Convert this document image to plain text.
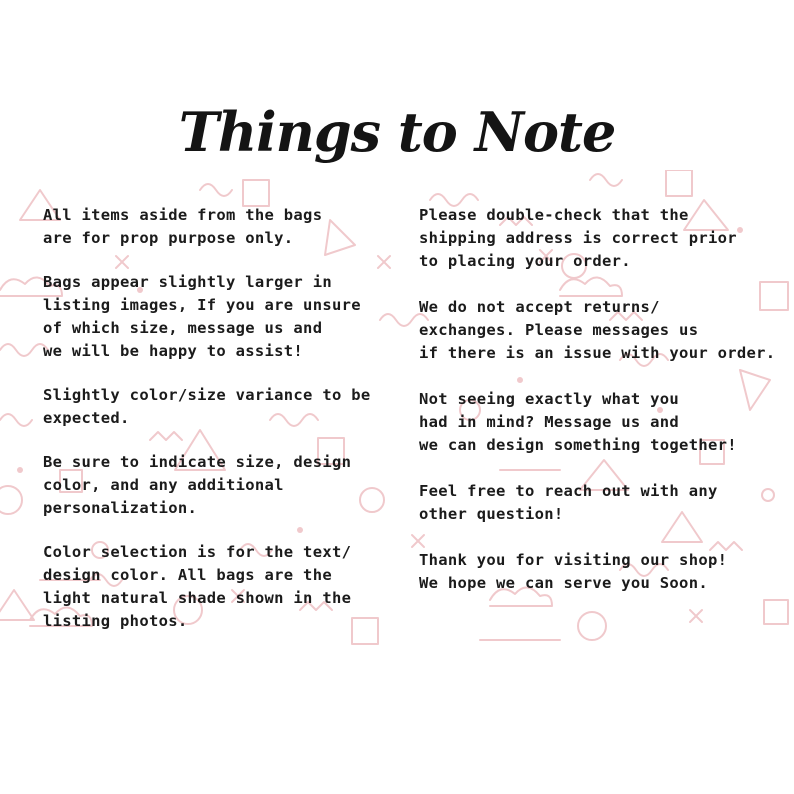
Things to Note

All items aside from the bags
are for prop purpose only.

Bags appear slightly larger in
listing images, If you are unsure
of which size, message us and
we will be happy to assist!

Slightly color/size variance to be
expected.

Be sure to indicate size, design
color, and any additional
personalization.

Color selection is for the text/
design color. All bags are the
light natural shade shown in the
listing photos.

Please double-check that the
shipping address is correct prior
to placing your order.

We do not accept returns/
exchanges. Please messages us
if there is an issue with your order.

Not seeing exactly what you
had in mind? Message us and
we can design something together!

Feel free to reach out with any
other question!

Thank you for visiting our shop!
We hope we can serve you Soon.
